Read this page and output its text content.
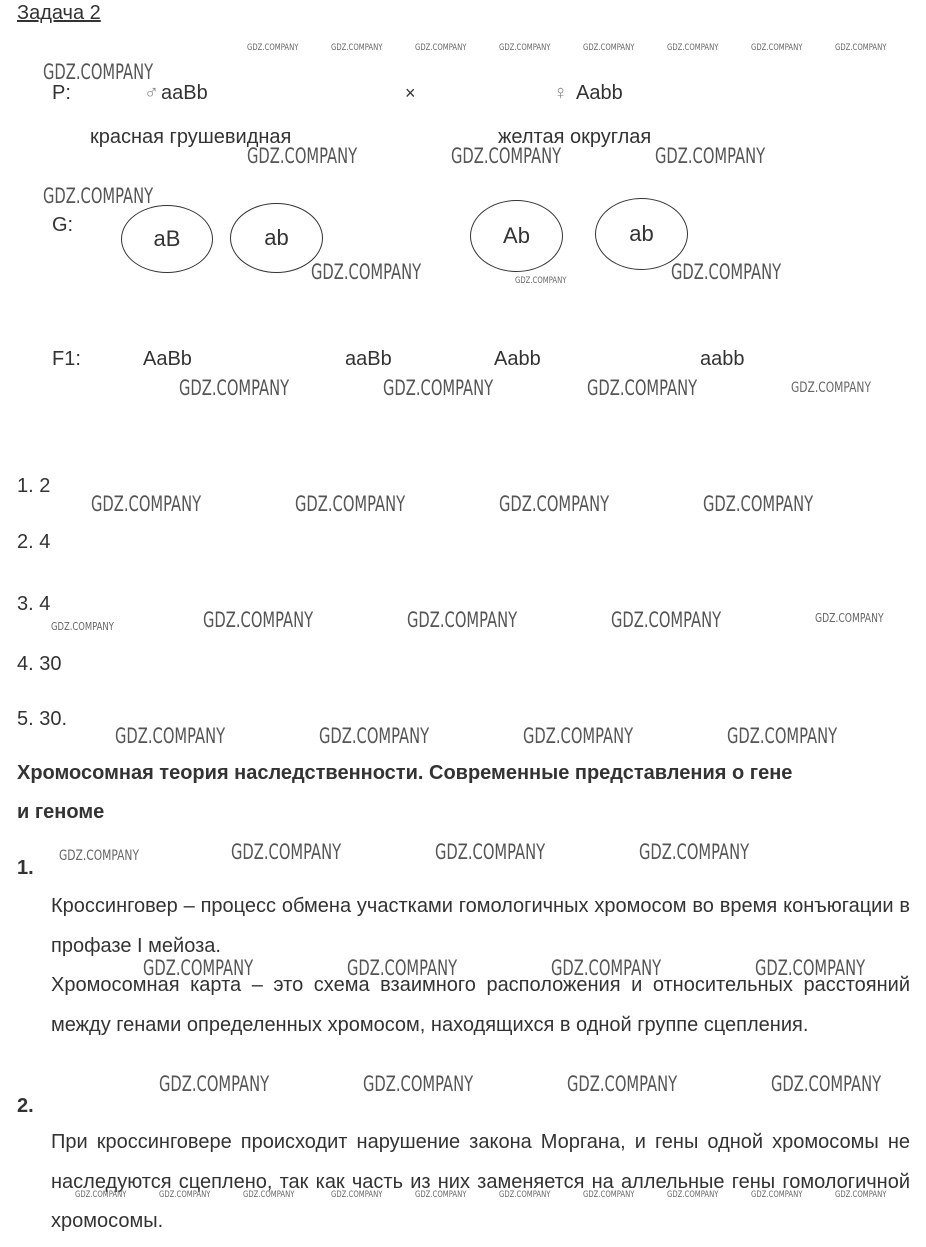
Задача 2
P:	♂ aaBb	×	♀ Aabb
красная грушевидная	желтая округлая
G:
aB	ab	Ab	ab
F1:	AaBb	aaBb	Aabb	aabb
1. 2
2. 4
3. 4
4. 30
5. 30.
Хромосомная теория наследственности. Современные представления о гене
и геноме
1.
Кроссинговер – процесс обмена участками гомологичных хромосом во время конъюгации в профазе I мейоза.
Хромосомная карта – это схема взаимного расположения и относительных расстояний между генами определенных хромосом, находящихся в одной группе сцепления.
2.
При кроссинговере происходит нарушение закона Моргана, и гены одной хромосомы не наследуются сцеплено, так как часть из них заменяется на аллельные гены гомологичной хромосомы.
GDZ.COMPANY
GDZ.COMPANY
GDZ.COMPANY	GDZ.COMPANY	GDZ.COMPANY
GDZ.COMPANY	GDZ.COMPANY
GDZ.COMPANY	GDZ.COMPANY	GDZ.COMPANY
GDZ.COMPANY	GDZ.COMPANY	GDZ.COMPANY	GDZ.COMPANY
GDZ.COMPANY	GDZ.COMPANY	GDZ.COMPANY
GDZ.COMPANY	GDZ.COMPANY	GDZ.COMPANY	GDZ.COMPANY
GDZ.COMPANY	GDZ.COMPANY	GDZ.COMPANY
GDZ.COMPANY	GDZ.COMPANY	GDZ.COMPANY	GDZ.COMPANY
GDZ.COMPANY	GDZ.COMPANY	GDZ.COMPANY	GDZ.COMPANY
GDZ.COMPANY	GDZ.COMPANY	GDZ.COMPANY	GDZ.COMPANY	GDZ.COMPANY	GDZ.COMPANY	GDZ.COMPANY	GDZ.COMPANY
GDZ.COMPANY
GDZ.COMPANY
GDZ.COMPANY
GDZ.COMPANY
GDZ.COMPANY
GDZ.COMPANY	GDZ.COMPANY	GDZ.COMPANY	GDZ.COMPANY	GDZ.COMPANY	GDZ.COMPANY	GDZ.COMPANY	GDZ.COMPANY	GDZ.COMPANY	GDZ.COMPANY
